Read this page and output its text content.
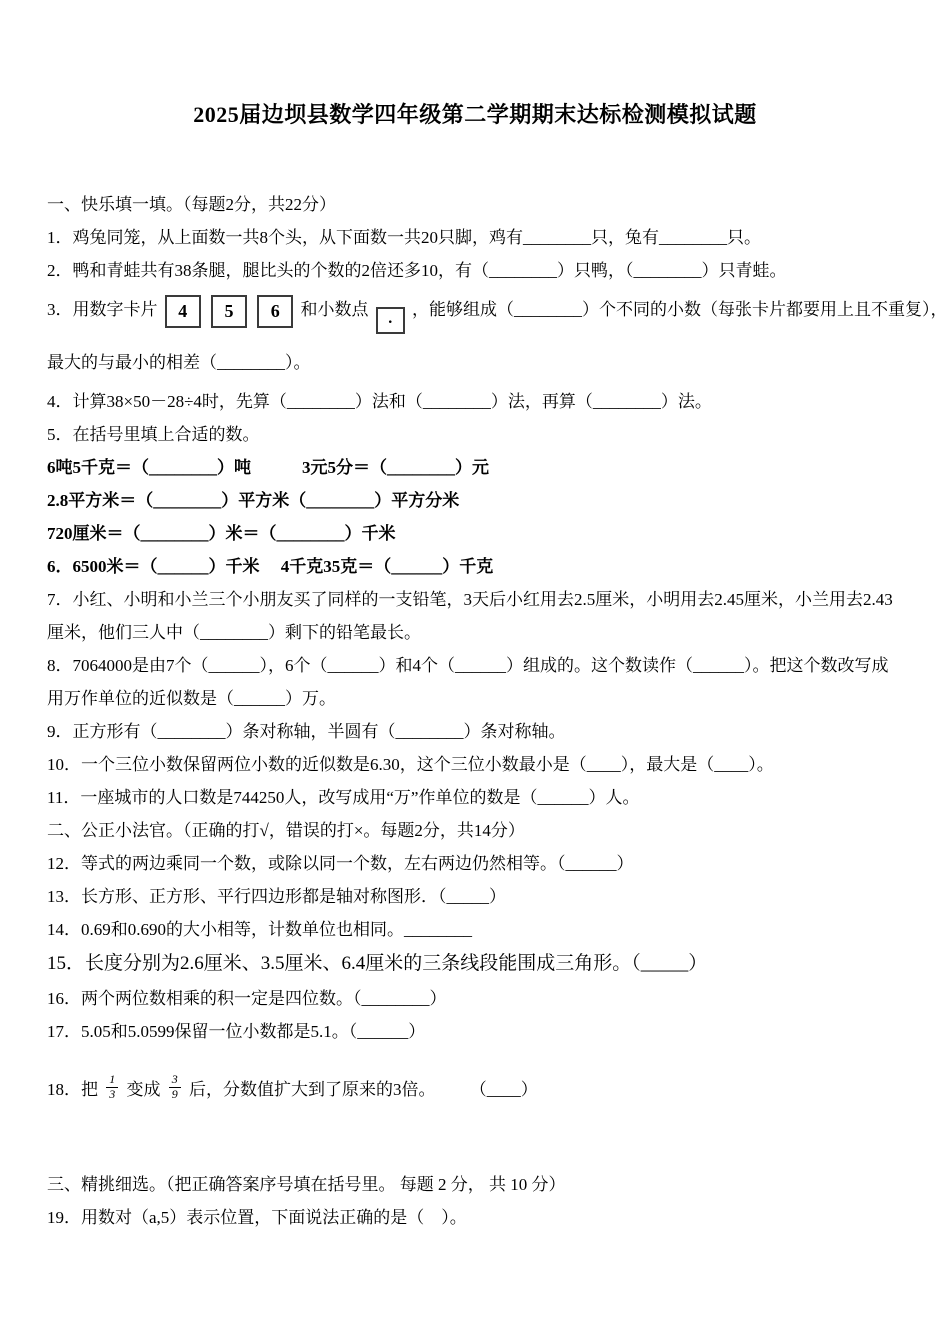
2025届边坝县数学四年级第二学期期末达标检测模拟试题
一、快乐填一填。（每题2分，共22分）
1．鸡兔同笼，从上面数一共8个头，从下面数一共20只脚，鸡有________只，兔有________只。
2．鸭和青蛙共有38条腿，腿比头的个数的2倍还多10，有（________）只鸭，（________）只青蛙。
3．用数字卡片 4 5 6 和小数点 . ，能够组成（________）个不同的小数（每张卡片都要用上且不重复），
最大的与最小的相差（________）。
4．计算38×50－28÷4时，先算（________）法和（________）法，再算（________）法。
5．在括号里填上合适的数。
6吨5千克＝（________）吨　　　3元5分＝（________）元
2.8平方米＝（________）平方米（________）平方分米
720厘米＝（________）米＝（________）千米
6．6500米＝（______）千米　 4千克35克＝（______）千克
7．小红、小明和小兰三个小朋友买了同样的一支铅笔，3天后小红用去2.5厘米，小明用去2.45厘米，小兰用去2.43
厘米，他们三人中（________）剩下的铅笔最长。
8．7064000是由7个（______），6个（______）和4个（______）组成的。这个数读作（______）。把这个数改写成
用万作单位的近似数是（______）万。
9．正方形有（________）条对称轴，半圆有（________）条对称轴。
10．一个三位小数保留两位小数的近似数是6.30，这个三位小数最小是（____），最大是（____）。
11．一座城市的人口数是744250人，改写成用“万”作单位的数是（______）人。
二、公正小法官。（正确的打√，错误的打×。每题2分，共14分）
12．等式的两边乘同一个数，或除以同一个数，左右两边仍然相等。（______）
13．长方形、正方形、平行四边形都是轴对称图形．（_____）
14．0.69和0.690的大小相等，计数单位也相同。________
15．长度分别为2.6厘米、3.5厘米、6.4厘米的三条线段能围成三角形。（_____）
16．两个两位数相乘的积一定是四位数。（________）
17．5.05和5.0599保留一位小数都是5.1。（______）
18．把 $\frac{1}{3}$ 变成 $\frac{3}{9}$ 后，分数值扩大到了原来的3倍。 （____）
三、精挑细选。（把正确答案序号填在括号里。 每题 2 分， 共 10 分）
19．用数对（a,5）表示位置，下面说法正确的是（　）。
